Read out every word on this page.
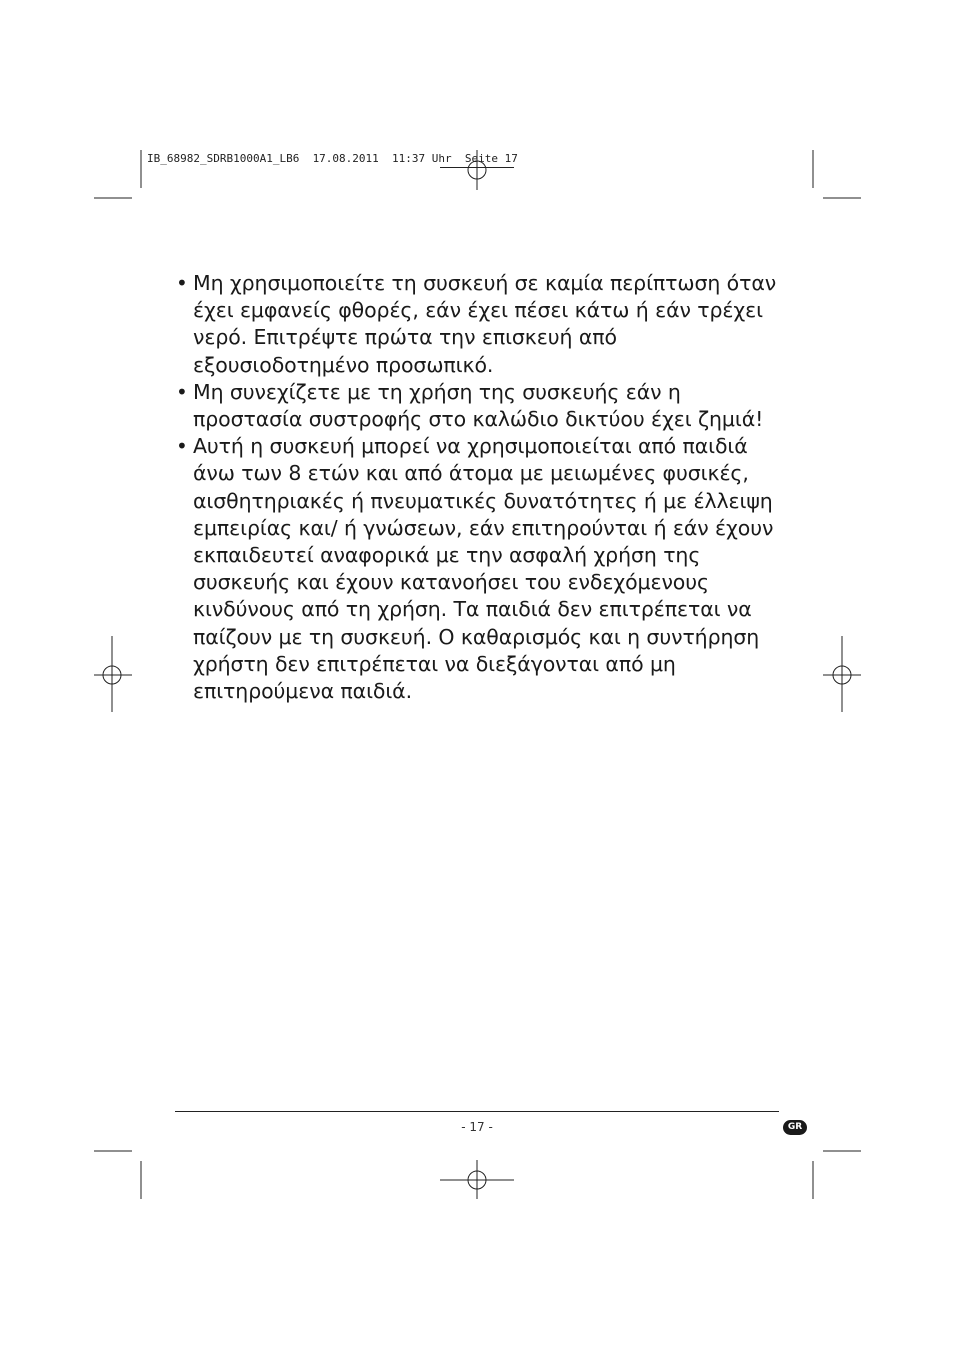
IB_68982_SDRB1000A1_LB6  17.08.2011  11:37 Uhr  Seite 17
• Μη χρησιμοποιείτε τη συσκευή σε καμία περίπτωση όταν έχει εμφανείς φθορές, εάν έχει πέσει κάτω ή εάν τρέχει νερό. Επιτρέψτε πρώτα την επισκευή από εξουσιοδοτημένο προσωπικό.
• Μη συνεχίζετε με τη χρήση της συσκευής εάν η προστασία συστροφής στο καλώδιο δικτύου έχει ζημιά!
• Αυτή η συσκευή μπορεί να χρησιμοποιείται από παιδιά άνω των 8 ετών και από άτομα με μειωμένες φυσικές, αισθητηριακές ή πνευματικές δυνατότητες ή με έλλειψη εμπειρίας και/ ή γνώσεων, εάν επιτηρούνται ή εάν έχουν εκπαιδευτεί αναφορικά με την ασφαλή χρήση της συσκευής και έχουν κατανοήσει του ενδεχόμενους κινδύνους από τη χρήση. Τα παιδιά δεν επιτρέπεται να παίζουν με τη συσκευή. Ο καθαρισμός και η συντήρηση χρήστη δεν επιτρέπεται να διεξάγονται από μη επιτηρούμενα παιδιά.
- 17 -	GR
